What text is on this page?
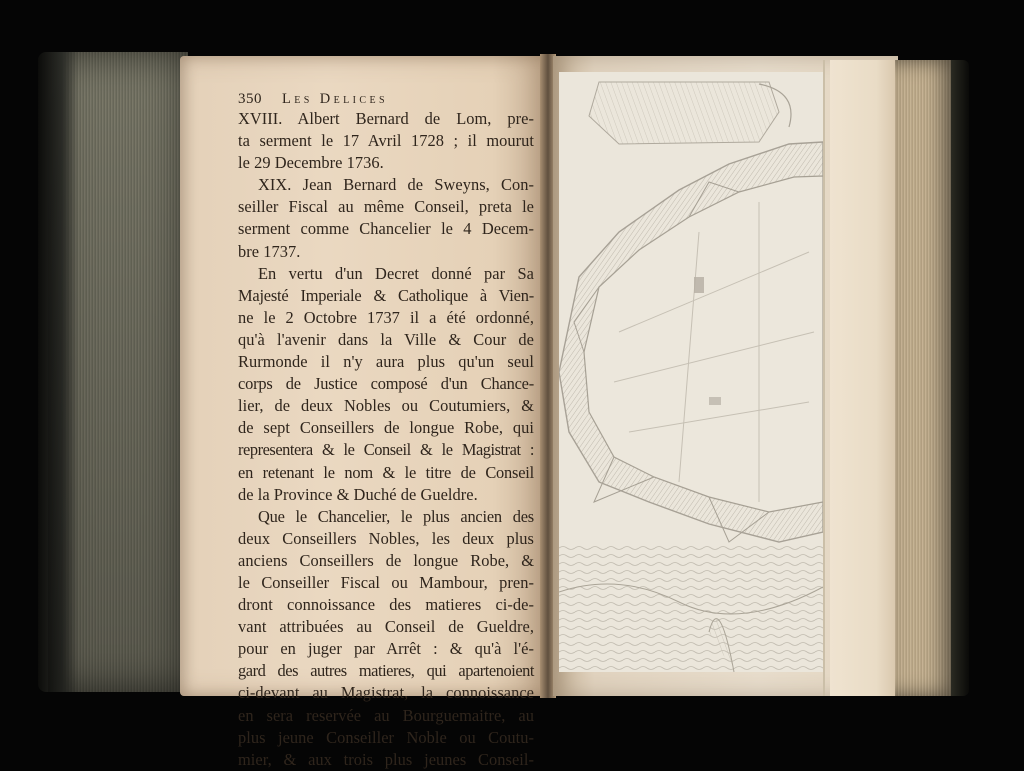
350 Les Delices
XVIII. Albert Bernard de Lom, pre-
ta serment le 17 Avril 1728 ; il mourut
le 29 Decembre 1736.
XIX. Jean Bernard de Sweyns, Con-
seiller Fiscal au même Conseil, preta le
serment comme Chancelier le 4 Decem-
bre 1737.
En vertu d'un Decret donné par Sa
Majesté Imperiale & Catholique à Vien-
ne le 2 Octobre 1737 il a été ordonné,
qu'à l'avenir dans la Ville & Cour de
Rurmonde il n'y aura plus qu'un seul
corps de Justice composé d'un Chance-
lier, de deux Nobles ou Coutumiers, &
de sept Conseillers de longue Robe, qui
representera & le Conseil & le Magistrat :
en retenant le nom & le titre de Conseil
de la Province & Duché de Gueldre.
Que le Chancelier, le plus ancien des
deux Conseillers Nobles, les deux plus
anciens Conseillers de longue Robe, &
le Conseiller Fiscal ou Mambour, pren-
dront connoissance des matieres ci-de-
vant attribuées au Conseil de Gueldre,
pour en juger par Arrêt : & qu'à l'é-
gard des autres matieres, qui apartenoient
ci-devant au Magistrat, la connoissance
en sera reservée au Bourguemaitre, au
plus jeune Conseiller Noble ou Coutu-
mier, & aux trois plus jeunes Conseil-
